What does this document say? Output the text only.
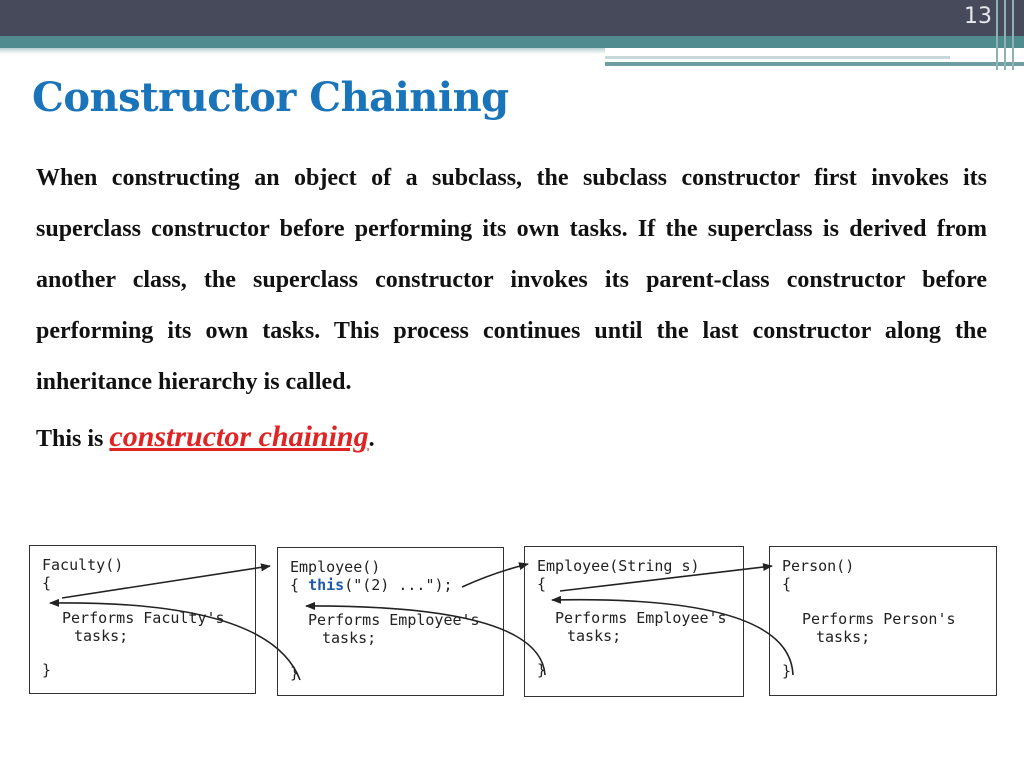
13
Constructor Chaining

When constructing an object of a subclass, the subclass constructor first invokes its superclass constructor before performing its own tasks. If the superclass is derived from another class, the superclass constructor invokes its parent-class constructor before performing its own tasks. This process continues until the last constructor along the inheritance hierarchy is called.

This is constructor chaining.

Faculty()
{
Performs Faculty's
tasks;
}
Employee()
{ this("(2) ...");
Performs Employee's
tasks;
}
Employee(String s)
{
Performs Employee's
tasks;
}
Person()
{
Performs Person's
tasks;
}
